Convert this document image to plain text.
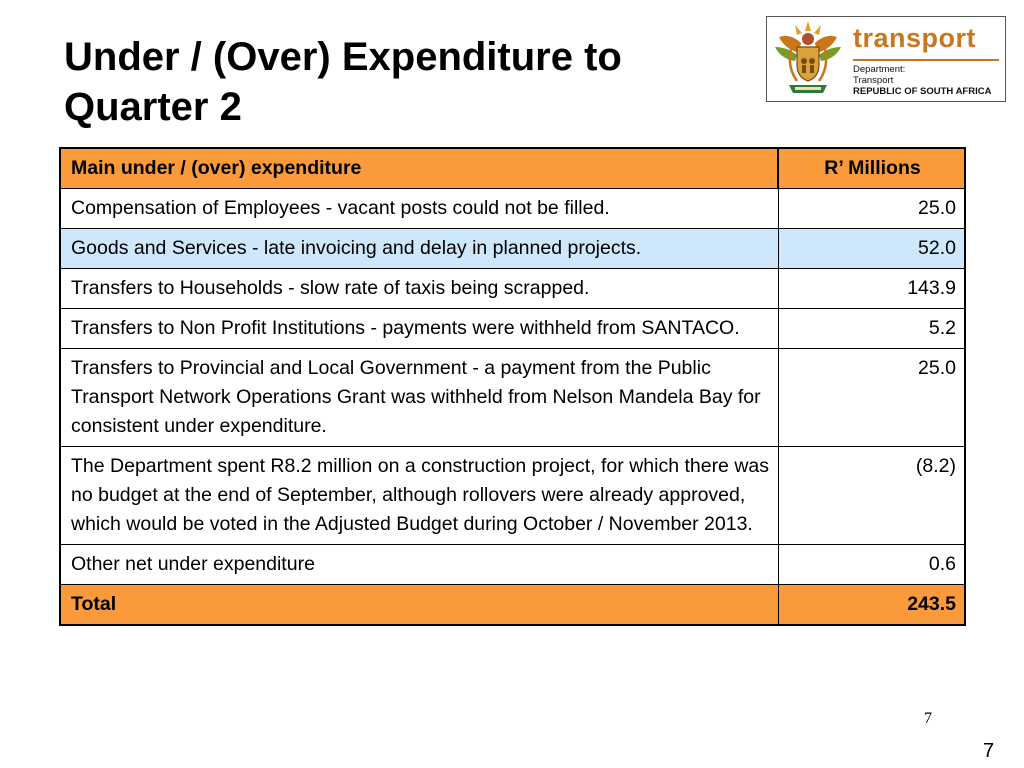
Under / (Over) Expenditure to
Quarter 2
transport
Department:
Transport
REPUBLIC OF SOUTH AFRICA
Main under / (over) expenditure	R’ Millions
Compensation of Employees - vacant posts could not be filled.	25.0
Goods and Services - late invoicing and delay in planned projects.	52.0
Transfers to Households - slow rate of taxis being scrapped.	143.9
Transfers to Non Profit Institutions - payments were withheld from SANTACO.	5.2
Transfers to Provincial and Local Government - a payment from the Public Transport Network Operations Grant was withheld from Nelson Mandela Bay for consistent under expenditure.	25.0
The Department spent R8.2 million on a construction project, for which there was no budget at the end of September, although rollovers were already approved, which would be voted in the Adjusted Budget during October / November 2013.	(8.2)
Other net under expenditure	0.6
Total	243.5
7
7
